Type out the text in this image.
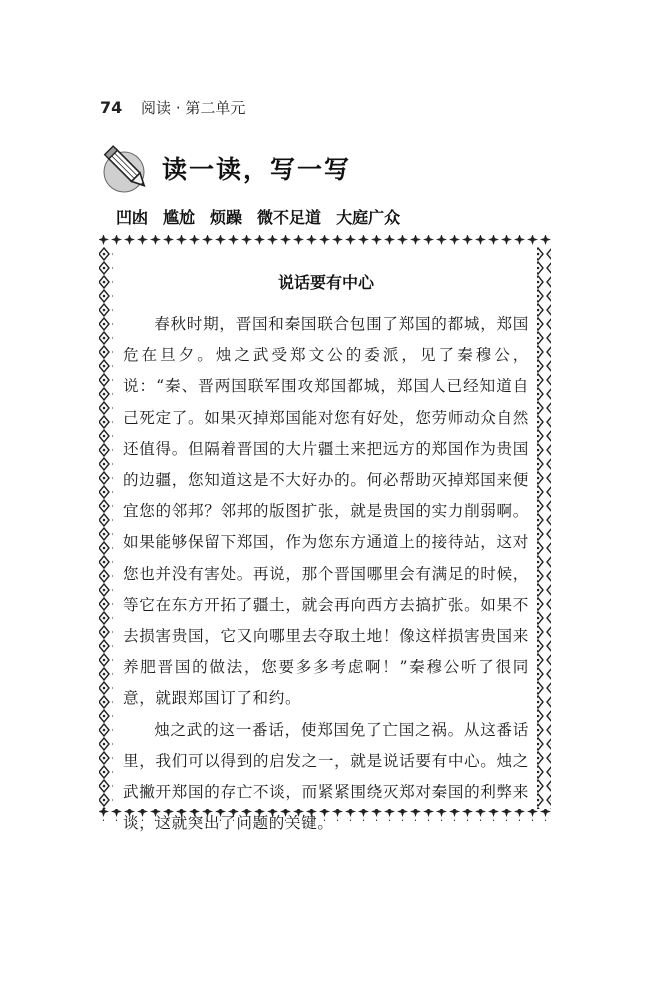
74 阅读 · 第二单元
读一读，写一写
凹凼 尴尬 烦躁 微不足道 大庭广众
说话要有中心

春秋时期，晋国和秦国联合包围了郑国的都城，郑国危在旦夕。烛之武受郑文公的委派，见了秦穆公，说：“秦、晋两国联军围攻郑国都城，郑国人已经知道自己死定了。如果灭掉郑国能对您有好处，您劳师动众自然还值得。但隔着晋国的大片疆土来把远方的郑国作为贵国的边疆，您知道这是不大好办的。何必帮助灭掉郑国来便宜您的邻邦？邻邦的版图扩张，就是贵国的实力削弱啊。如果能够保留下郑国，作为您东方通道上的接待站，这对您也并没有害处。再说，那个晋国哪里会有满足的时候，等它在东方开拓了疆土，就会再向西方去搞扩张。如果不去损害贵国，它又向哪里去夺取土地！像这样损害贵国来养肥晋国的做法，您要多多考虑啊！”秦穆公听了很同意，就跟郑国订了和约。

烛之武的这一番话，使郑国免了亡国之祸。从这番话里，我们可以得到的启发之一，就是说话要有中心。烛之武撇开郑国的存亡不谈，而紧紧围绕灭郑对秦国的利弊来谈，这就突出了问题的关键。
